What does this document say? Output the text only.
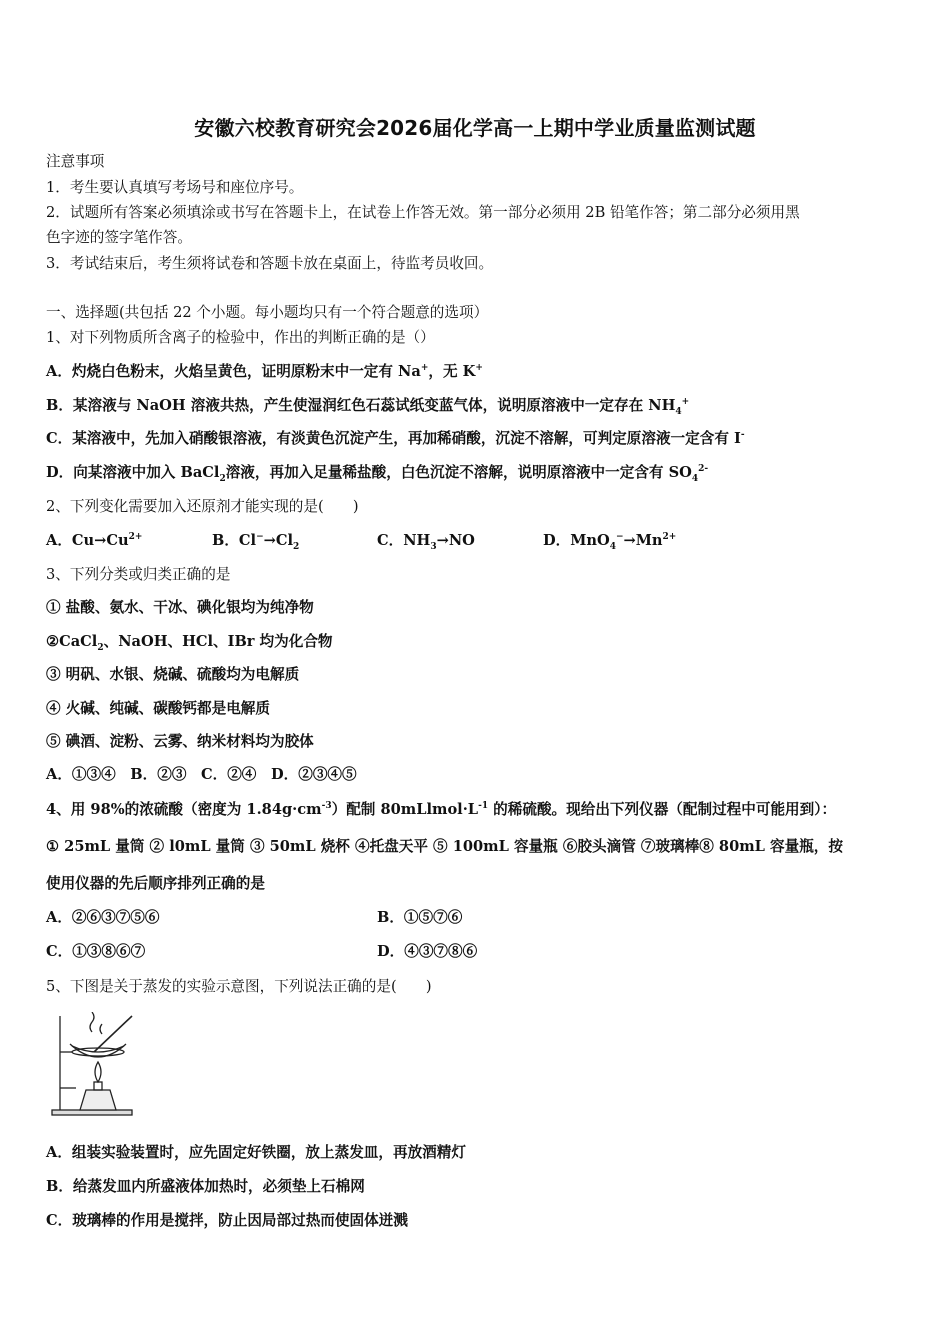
安徽六校教育研究会2026届化学高一上期中学业质量监测试题
注意事项
1．考生要认真填写考场号和座位序号。
2．试题所有答案必须填涂或书写在答题卡上，在试卷上作答无效。第一部分必须用 2B 铅笔作答；第二部分必须用黑
色字迹的签字笔作答。
3．考试结束后，考生须将试卷和答题卡放在桌面上，待监考员收回。
一、选择题(共包括 22 个小题。每小题均只有一个符合题意的选项）
1、对下列物质所含离子的检验中，作出的判断正确的是（）
A．灼烧白色粉末，火焰呈黄色，证明原粉末中一定有 Na+，无 K+
B．某溶液与 NaOH 溶液共热，产生使湿润红色石蕊试纸变蓝气体，说明原溶液中一定存在 $NH_4^+$
C．某溶液中，先加入硝酸银溶液，有淡黄色沉淀产生，再加稀硝酸，沉淀不溶解，可判定原溶液一定含有 I-
D．向某溶液中加入 BaCl$_2$溶液，再加入足量稀盐酸，白色沉淀不溶解，说明原溶液中一定含有 $SO_4^{2-}$
2、下列变化需要加入还原剂才能实现的是(　　)
A．$Cu\to Cu^{2+}$	B．$Cl^-\to Cl_2$	C．$NH_3\to NO$	D．$MnO_4^-\to Mn^{2+}$
3、下列分类或归类正确的是
① 盐酸、氨水、干冰、碘化银均为纯净物
②CaCl$_2$、NaOH、HCl、IBr 均为化合物
③ 明矾、水银、烧碱、硫酸均为电解质
④ 火碱、纯碱、碳酸钙都是电解质
⑤ 碘酒、淀粉、云雾、纳米材料均为胶体
A．①③④　B．②③　C．②④　D．②③④⑤
4、用 98%的浓硫酸（密度为 $1.84g\cdot cm^{-3}$）配制 $80mLlmol\cdot L^{-1}$ 的稀硫酸。现给出下列仪器（配制过程中可能用到）：
① 25mL 量筒 ② l0mL 量筒 ③ 50mL 烧杯 ④托盘天平 ⑤ 100mL 容量瓶 ⑥胶头滴管 ⑦玻璃棒⑧ 80mL 容量瓶，按
使用仪器的先后顺序排列正确的是
A．②⑥③⑦⑤⑥	B．①⑤⑦⑥
C．①③⑧⑥⑦	D．④③⑦⑧⑥
5、下图是关于蒸发的实验示意图，下列说法正确的是(　　)
A．组装实验装置时，应先固定好铁圈，放上蒸发皿，再放酒精灯
B．给蒸发皿内所盛液体加热时，必须垫上石棉网
C．玻璃棒的作用是搅拌，防止因局部过热而使固体迸溅
